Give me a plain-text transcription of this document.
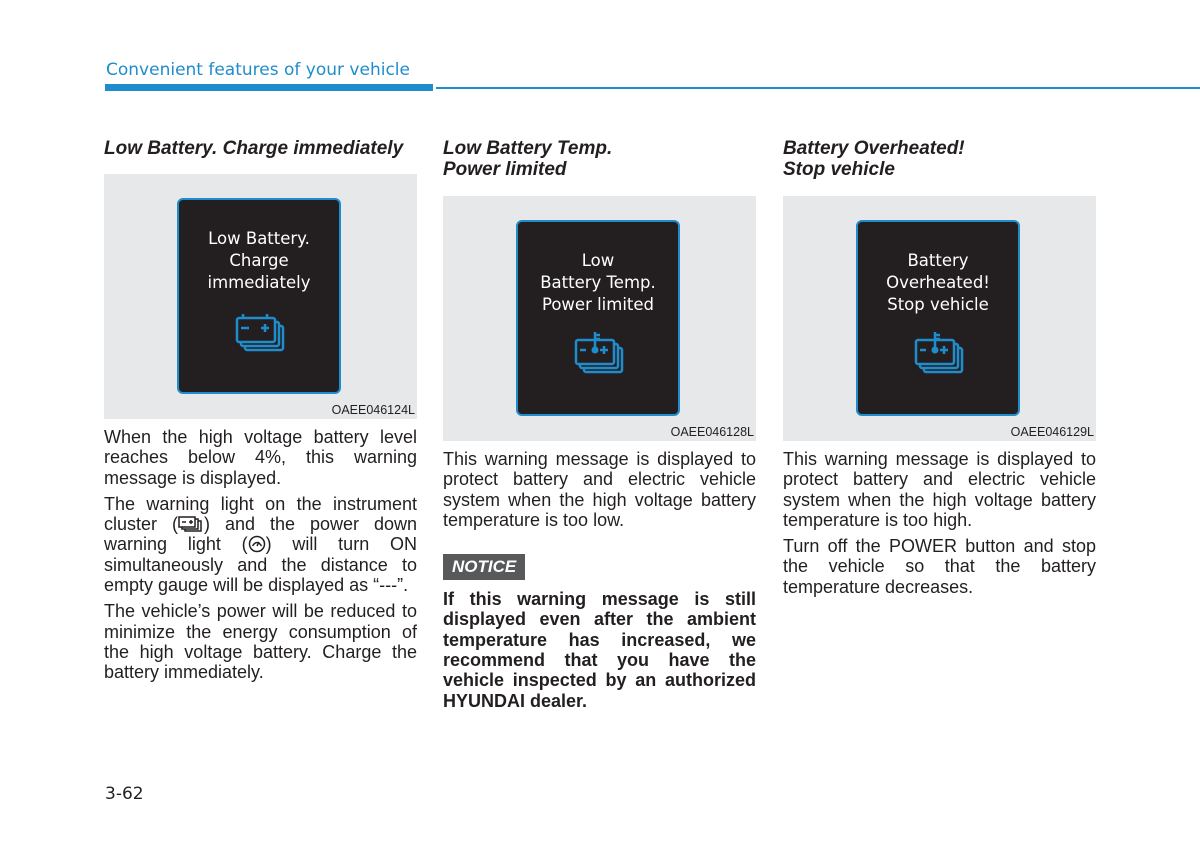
Convenient features of your vehicle
Low Battery. Charge immediately
Low Battery.
Charge
immediately
OAEE046124L

When the high voltage battery level reaches below 4%, this warning message is displayed.

The warning light on the instrument cluster ( ) and the power down warning light ( ) will turn ON simultaneously and the distance to empty gauge will be displayed as “---”.

The vehicle’s power will be reduced to minimize the energy consumption of the high voltage battery. Charge the battery immediately.

Low Battery Temp.
Power limited
Low
Battery Temp.
Power limited
OAEE046128L

This warning message is displayed to protect battery and electric vehicle system when the high voltage battery temperature is too low.

NOTICE

If this warning message is still displayed even after the ambient temperature has increased, we recommend that you have the vehicle inspected by an authorized HYUNDAI dealer.

Battery Overheated!
Stop vehicle
Battery
Overheated!
Stop vehicle
OAEE046129L

This warning message is displayed to protect battery and electric vehicle system when the high voltage battery temperature is too high.

Turn off the POWER button and stop the vehicle so that the battery temperature decreases.

3-62
